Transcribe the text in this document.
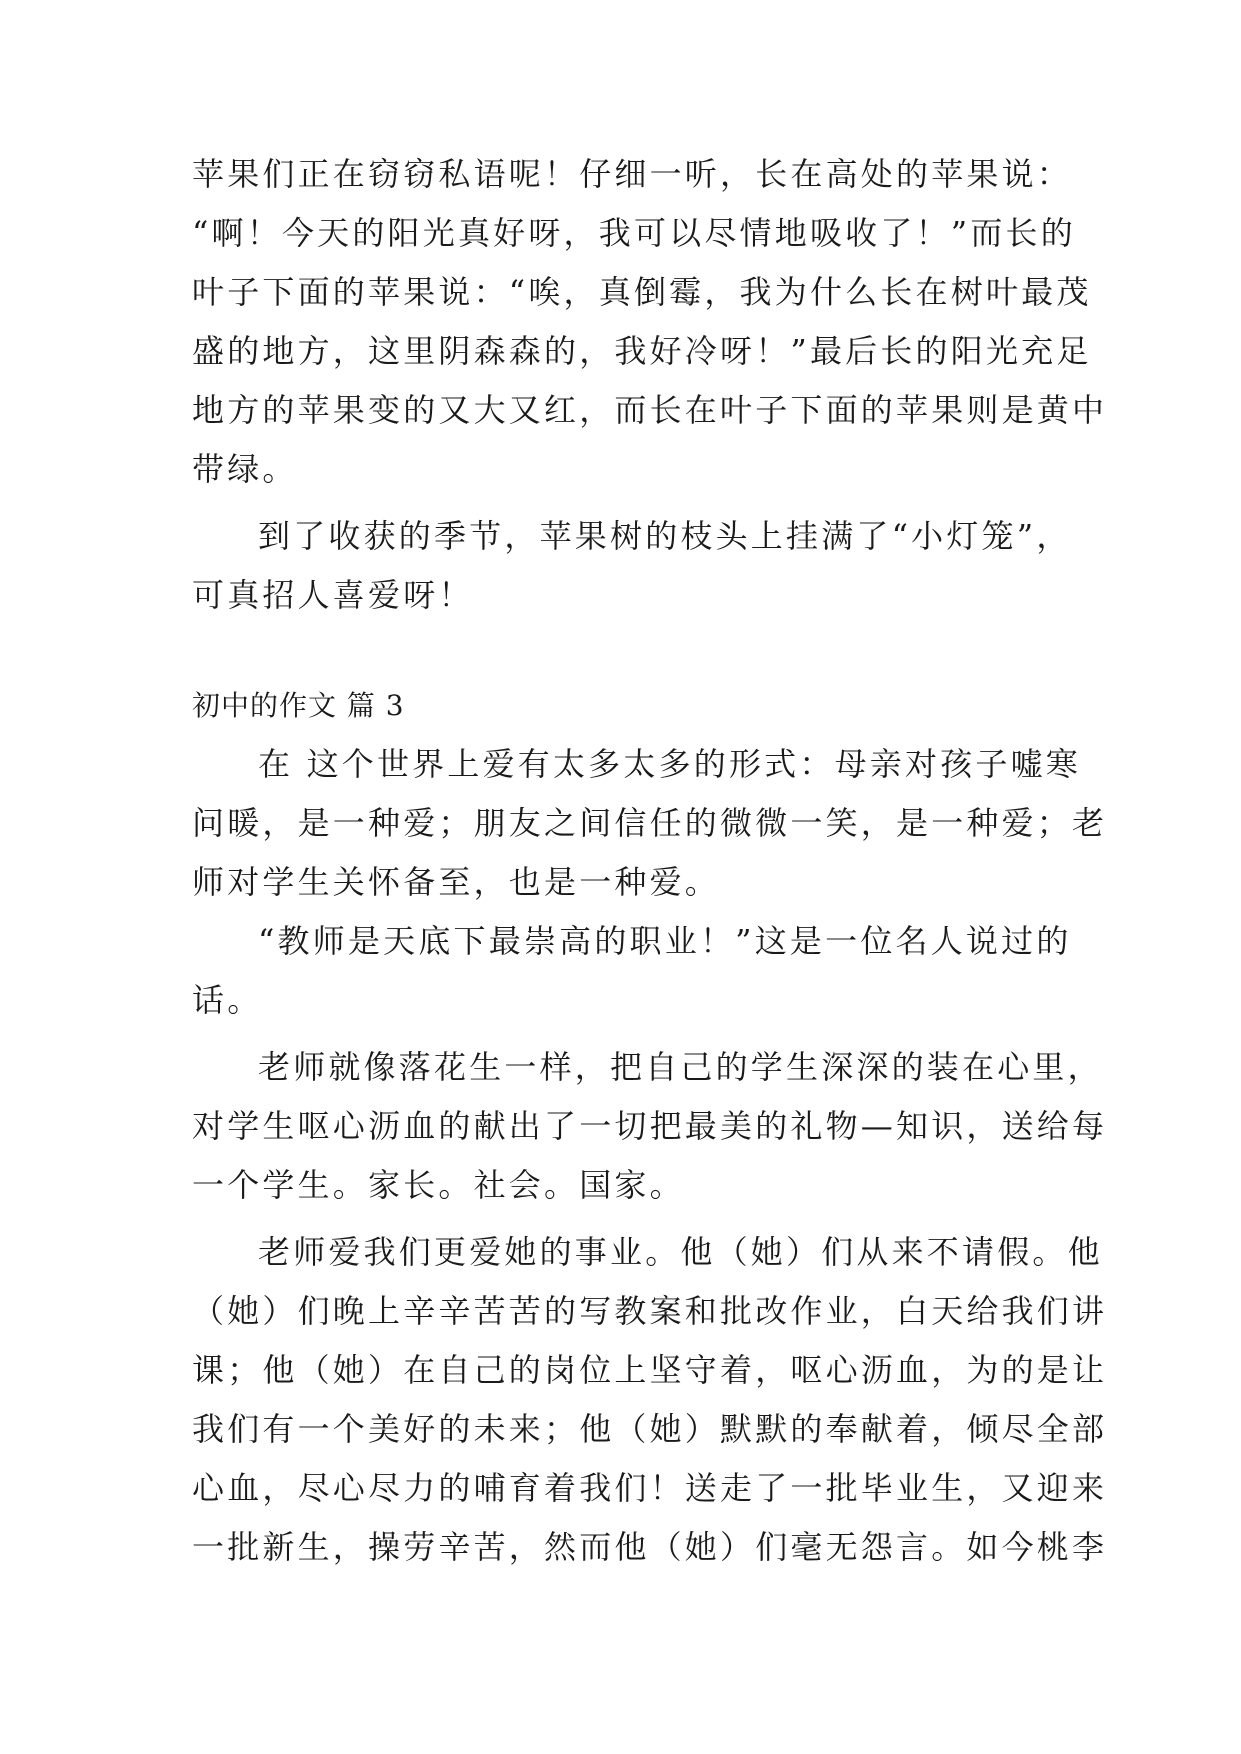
苹果们正在窃窃私语呢！仔细一听，长在高处的苹果说：
“啊！今天的阳光真好呀，我可以尽情地吸收了！”而长的
叶子下面的苹果说：“唉，真倒霉，我为什么长在树叶最茂
盛的地方，这里阴森森的，我好冷呀！”最后长的阳光充足
地方的苹果变的又大又红，而长在叶子下面的苹果则是黄中
带绿。
到了收获的季节，苹果树的枝头上挂满了“小灯笼”，
可真招人喜爱呀！
初中的作文 篇 3
在 这个世界上爱有太多太多的形式：母亲对孩子嘘寒
问暖，是一种爱；朋友之间信任的微微一笑，是一种爱；老
师对学生关怀备至，也是一种爱。
“教师是天底下最崇高的职业！”这是一位名人说过的
话。
老师就像落花生一样，把自己的学生深深的装在心里，
对学生呕心沥血的献出了一切把最美的礼物—知识，送给每
一个学生。家长。社会。国家。
老师爱我们更爱她的事业。他（她）们从来不请假。他
（她）们晚上辛辛苦苦的写教案和批改作业，白天给我们讲
课；他（她）在自己的岗位上坚守着，呕心沥血，为的是让
我们有一个美好的未来；他（她）默默的奉献着，倾尽全部
心血，尽心尽力的哺育着我们！送走了一批毕业生，又迎来
一批新生，操劳辛苦，然而他（她）们毫无怨言。如今桃李
